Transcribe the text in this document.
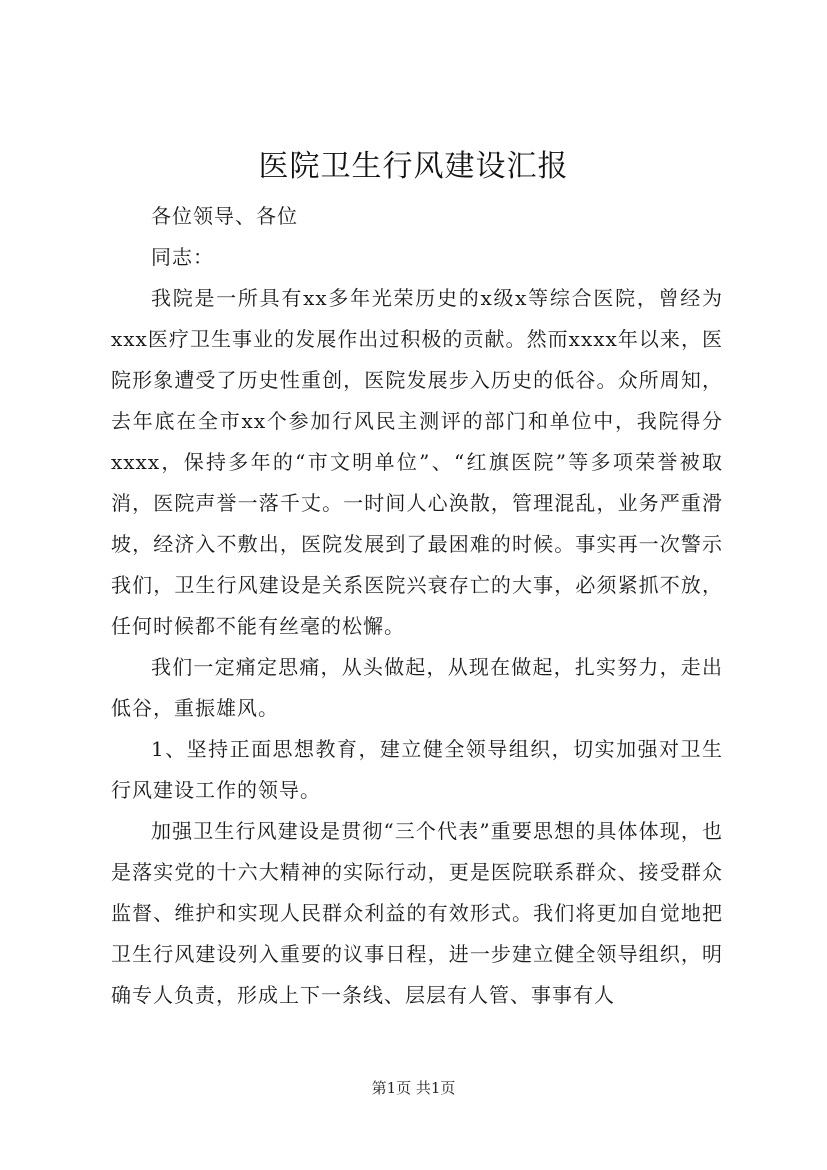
医院卫生行风建设汇报

各位领导、各位

同志：

我院是一所具有xx多年光荣历史的x级x等综合医院，曾经为xxx医疗卫生事业的发展作出过积极的贡献。然而xxxx年以来，医院形象遭受了历史性重创，医院发展步入历史的低谷。众所周知，去年底在全市xx个参加行风民主测评的部门和单位中，我院得分xxxx，保持多年的“市文明单位”、“红旗医院”等多项荣誉被取消，医院声誉一落千丈。一时间人心涣散，管理混乱，业务严重滑坡，经济入不敷出，医院发展到了最困难的时候。事实再一次警示我们，卫生行风建设是关系医院兴衰存亡的大事，必须紧抓不放，任何时候都不能有丝毫的松懈。

我们一定痛定思痛，从头做起，从现在做起，扎实努力，走出低谷，重振雄风。

1、坚持正面思想教育，建立健全领导组织，切实加强对卫生行风建设工作的领导。

加强卫生行风建设是贯彻“三个代表”重要思想的具体体现，也是落实党的十六大精神的实际行动，更是医院联系群众、接受群众监督、维护和实现人民群众利益的有效形式。我们将更加自觉地把卫生行风建设列入重要的议事日程，进一步建立健全领导组织，明确专人负责，形成上下一条线、层层有人管、事事有人

第1页 共1页
